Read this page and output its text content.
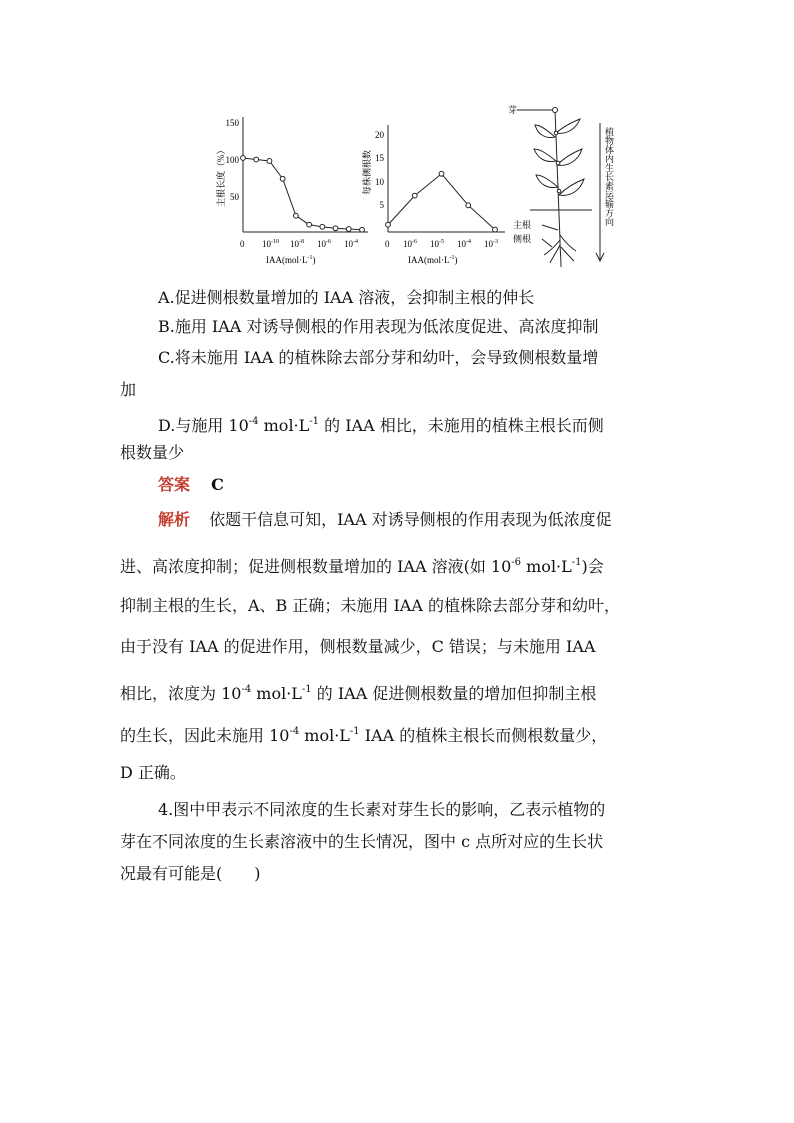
主根长度（%）
150
100
50
0 $10^{-10}$ $10^{-8}$ $10^{-6}$ $10^{-4}$
$IAA(mol\cdot L^{-1})$
每株侧根数
20
15
10
5
0 $10^{-6}$ $10^{-5}$ $10^{-4}$ $10^{-3}$
$IAA(mol\cdot L^{-1})$
芽
主根
侧根
植物体内生长素运输方向
A.促进侧根数量增加的 IAA 溶液，会抑制主根的伸长
B.施用 IAA 对诱导侧根的作用表现为低浓度促进、高浓度抑制
C.将未施用 IAA 的植株除去部分芽和幼叶，会导致侧根数量增
加
D.与施用 $10^{-4}$ $mol\cdot L^{-1}$ 的 IAA 相比，未施用的植株主根长而侧
根数量少
答案 C
解析 依题干信息可知，IAA 对诱导侧根的作用表现为低浓度促
进、高浓度抑制；促进侧根数量增加的 IAA 溶液(如 $10^{-6}$ $mol\cdot L^{-1}$)会
抑制主根的生长，A、B 正确；未施用 IAA 的植株除去部分芽和幼叶，
由于没有 IAA 的促进作用，侧根数量减少，C 错误；与未施用 IAA
相比，浓度为 $10^{-4}$ $mol\cdot L^{-1}$ 的 IAA 促进侧根数量的增加但抑制主根
的生长，因此未施用 $10^{-4}$ $mol\cdot L^{-1}$ IAA 的植株主根长而侧根数量少，
D 正确。
4.图中甲表示不同浓度的生长素对芽生长的影响，乙表示植物的
芽在不同浓度的生长素溶液中的生长情况，图中 c 点所对应的生长状
况最有可能是(　　)
